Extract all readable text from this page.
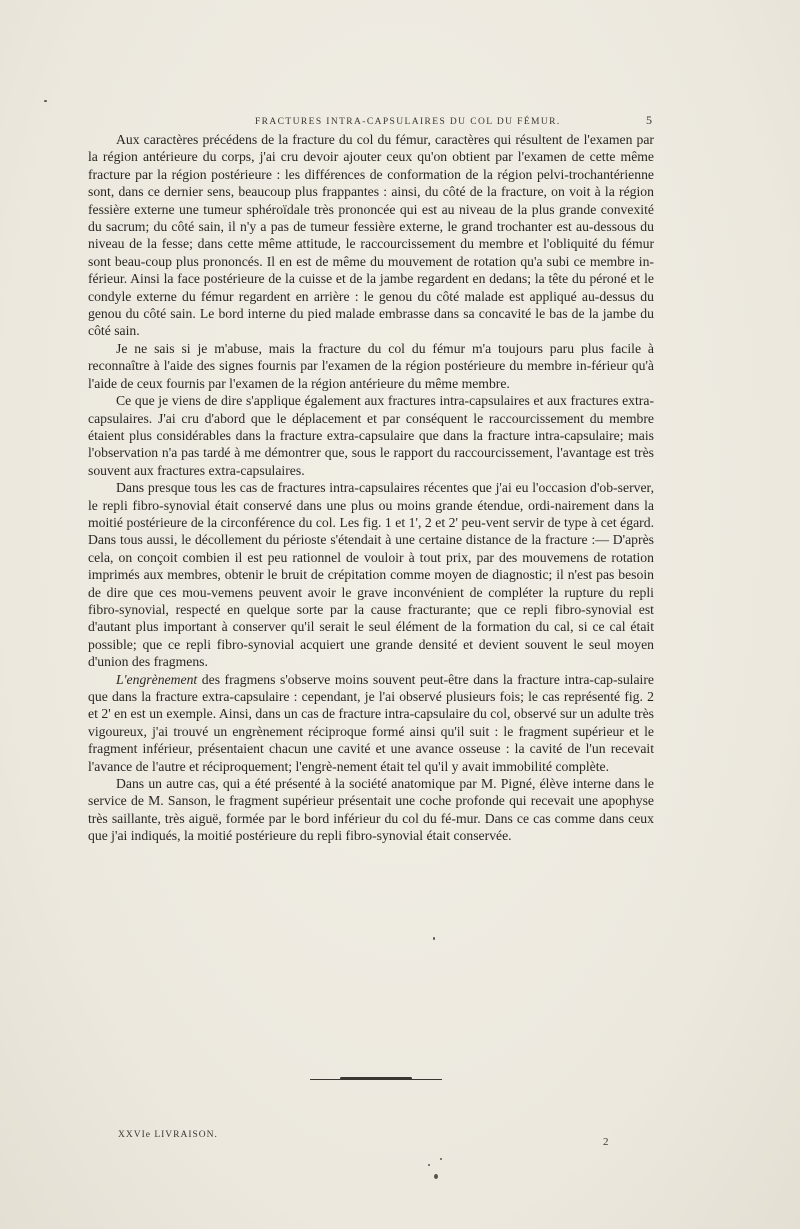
FRACTURES INTRA-CAPSULAIRES DU COL DU FÉMUR.	5

Aux caractères précédens de la fracture du col du fémur, caractères qui résultent de l'examen par la région antérieure du corps, j'ai cru devoir ajouter ceux qu'on obtient par l'examen de cette même fracture par la région postérieure : les différences de conformation de la région pelvi-trochantérienne sont, dans ce dernier sens, beaucoup plus frappantes : ainsi, du côté de la fracture, on voit à la région fessière externe une tumeur sphéroïdale très prononcée qui est au niveau de la plus grande convexité du sacrum; du côté sain, il n'y a pas de tumeur fessière externe, le grand trochanter est au-dessous du niveau de la fesse; dans cette même attitude, le raccourcissement du membre et l'obliquité du fémur sont beau-coup plus prononcés. Il en est de même du mouvement de rotation qu'a subi ce membre in-férieur. Ainsi la face postérieure de la cuisse et de la jambe regardent en dedans; la tête du péroné et le condyle externe du fémur regardent en arrière : le genou du côté malade est appliqué au-dessus du genou du côté sain. Le bord interne du pied malade embrasse dans sa concavité le bas de la jambe du côté sain.

Je ne sais si je m'abuse, mais la fracture du col du fémur m'a toujours paru plus facile à reconnaître à l'aide des signes fournis par l'examen de la région postérieure du membre in-férieur qu'à l'aide de ceux fournis par l'examen de la région antérieure du même membre.

Ce que je viens de dire s'applique également aux fractures intra-capsulaires et aux fractures extra-capsulaires. J'ai cru d'abord que le déplacement et par conséquent le raccourcissement du membre étaient plus considérables dans la fracture extra-capsulaire que dans la fracture intra-capsulaire; mais l'observation n'a pas tardé à me démontrer que, sous le rapport du raccourcissement, l'avantage est très souvent aux fractures extra-capsulaires.

Dans presque tous les cas de fractures intra-capsulaires récentes que j'ai eu l'occasion d'ob-server, le repli fibro-synovial était conservé dans une plus ou moins grande étendue, ordi-nairement dans la moitié postérieure de la circonférence du col. Les fig. 1 et 1', 2 et 2' peu-vent servir de type à cet égard. Dans tous aussi, le décollement du périoste s'étendait à une certaine distance de la fracture :— D'après cela, on conçoit combien il est peu rationnel de vouloir à tout prix, par des mouvemens de rotation imprimés aux membres, obtenir le bruit de crépitation comme moyen de diagnostic; il n'est pas besoin de dire que ces mou-vemens peuvent avoir le grave inconvénient de compléter la rupture du repli fibro-synovial, respecté en quelque sorte par la cause fracturante; que ce repli fibro-synovial est d'autant plus important à conserver qu'il serait le seul élément de la formation du cal, si ce cal était possible; que ce repli fibro-synovial acquiert une grande densité et devient souvent le seul moyen d'union des fragmens.

L'engrènement des fragmens s'observe moins souvent peut-être dans la fracture intra-cap-sulaire que dans la fracture extra-capsulaire : cependant, je l'ai observé plusieurs fois; le cas représenté fig. 2 et 2' en est un exemple. Ainsi, dans un cas de fracture intra-capsulaire du col, observé sur un adulte très vigoureux, j'ai trouvé un engrènement réciproque formé ainsi qu'il suit : le fragment supérieur et le fragment inférieur, présentaient chacun une cavité et une avance osseuse : la cavité de l'un recevait l'avance de l'autre et réciproquement; l'engrè-nement était tel qu'il y avait immobilité complète.

Dans un autre cas, qui a été présenté à la société anatomique par M. Pigné, élève interne dans le service de M. Sanson, le fragment supérieur présentait une coche profonde qui recevait une apophyse très saillante, très aiguë, formée par le bord inférieur du col du fé-mur. Dans ce cas comme dans ceux que j'ai indiqués, la moitié postérieure du repli fibro-synovial était conservée.

XXVIe LIVRAISON.
2
